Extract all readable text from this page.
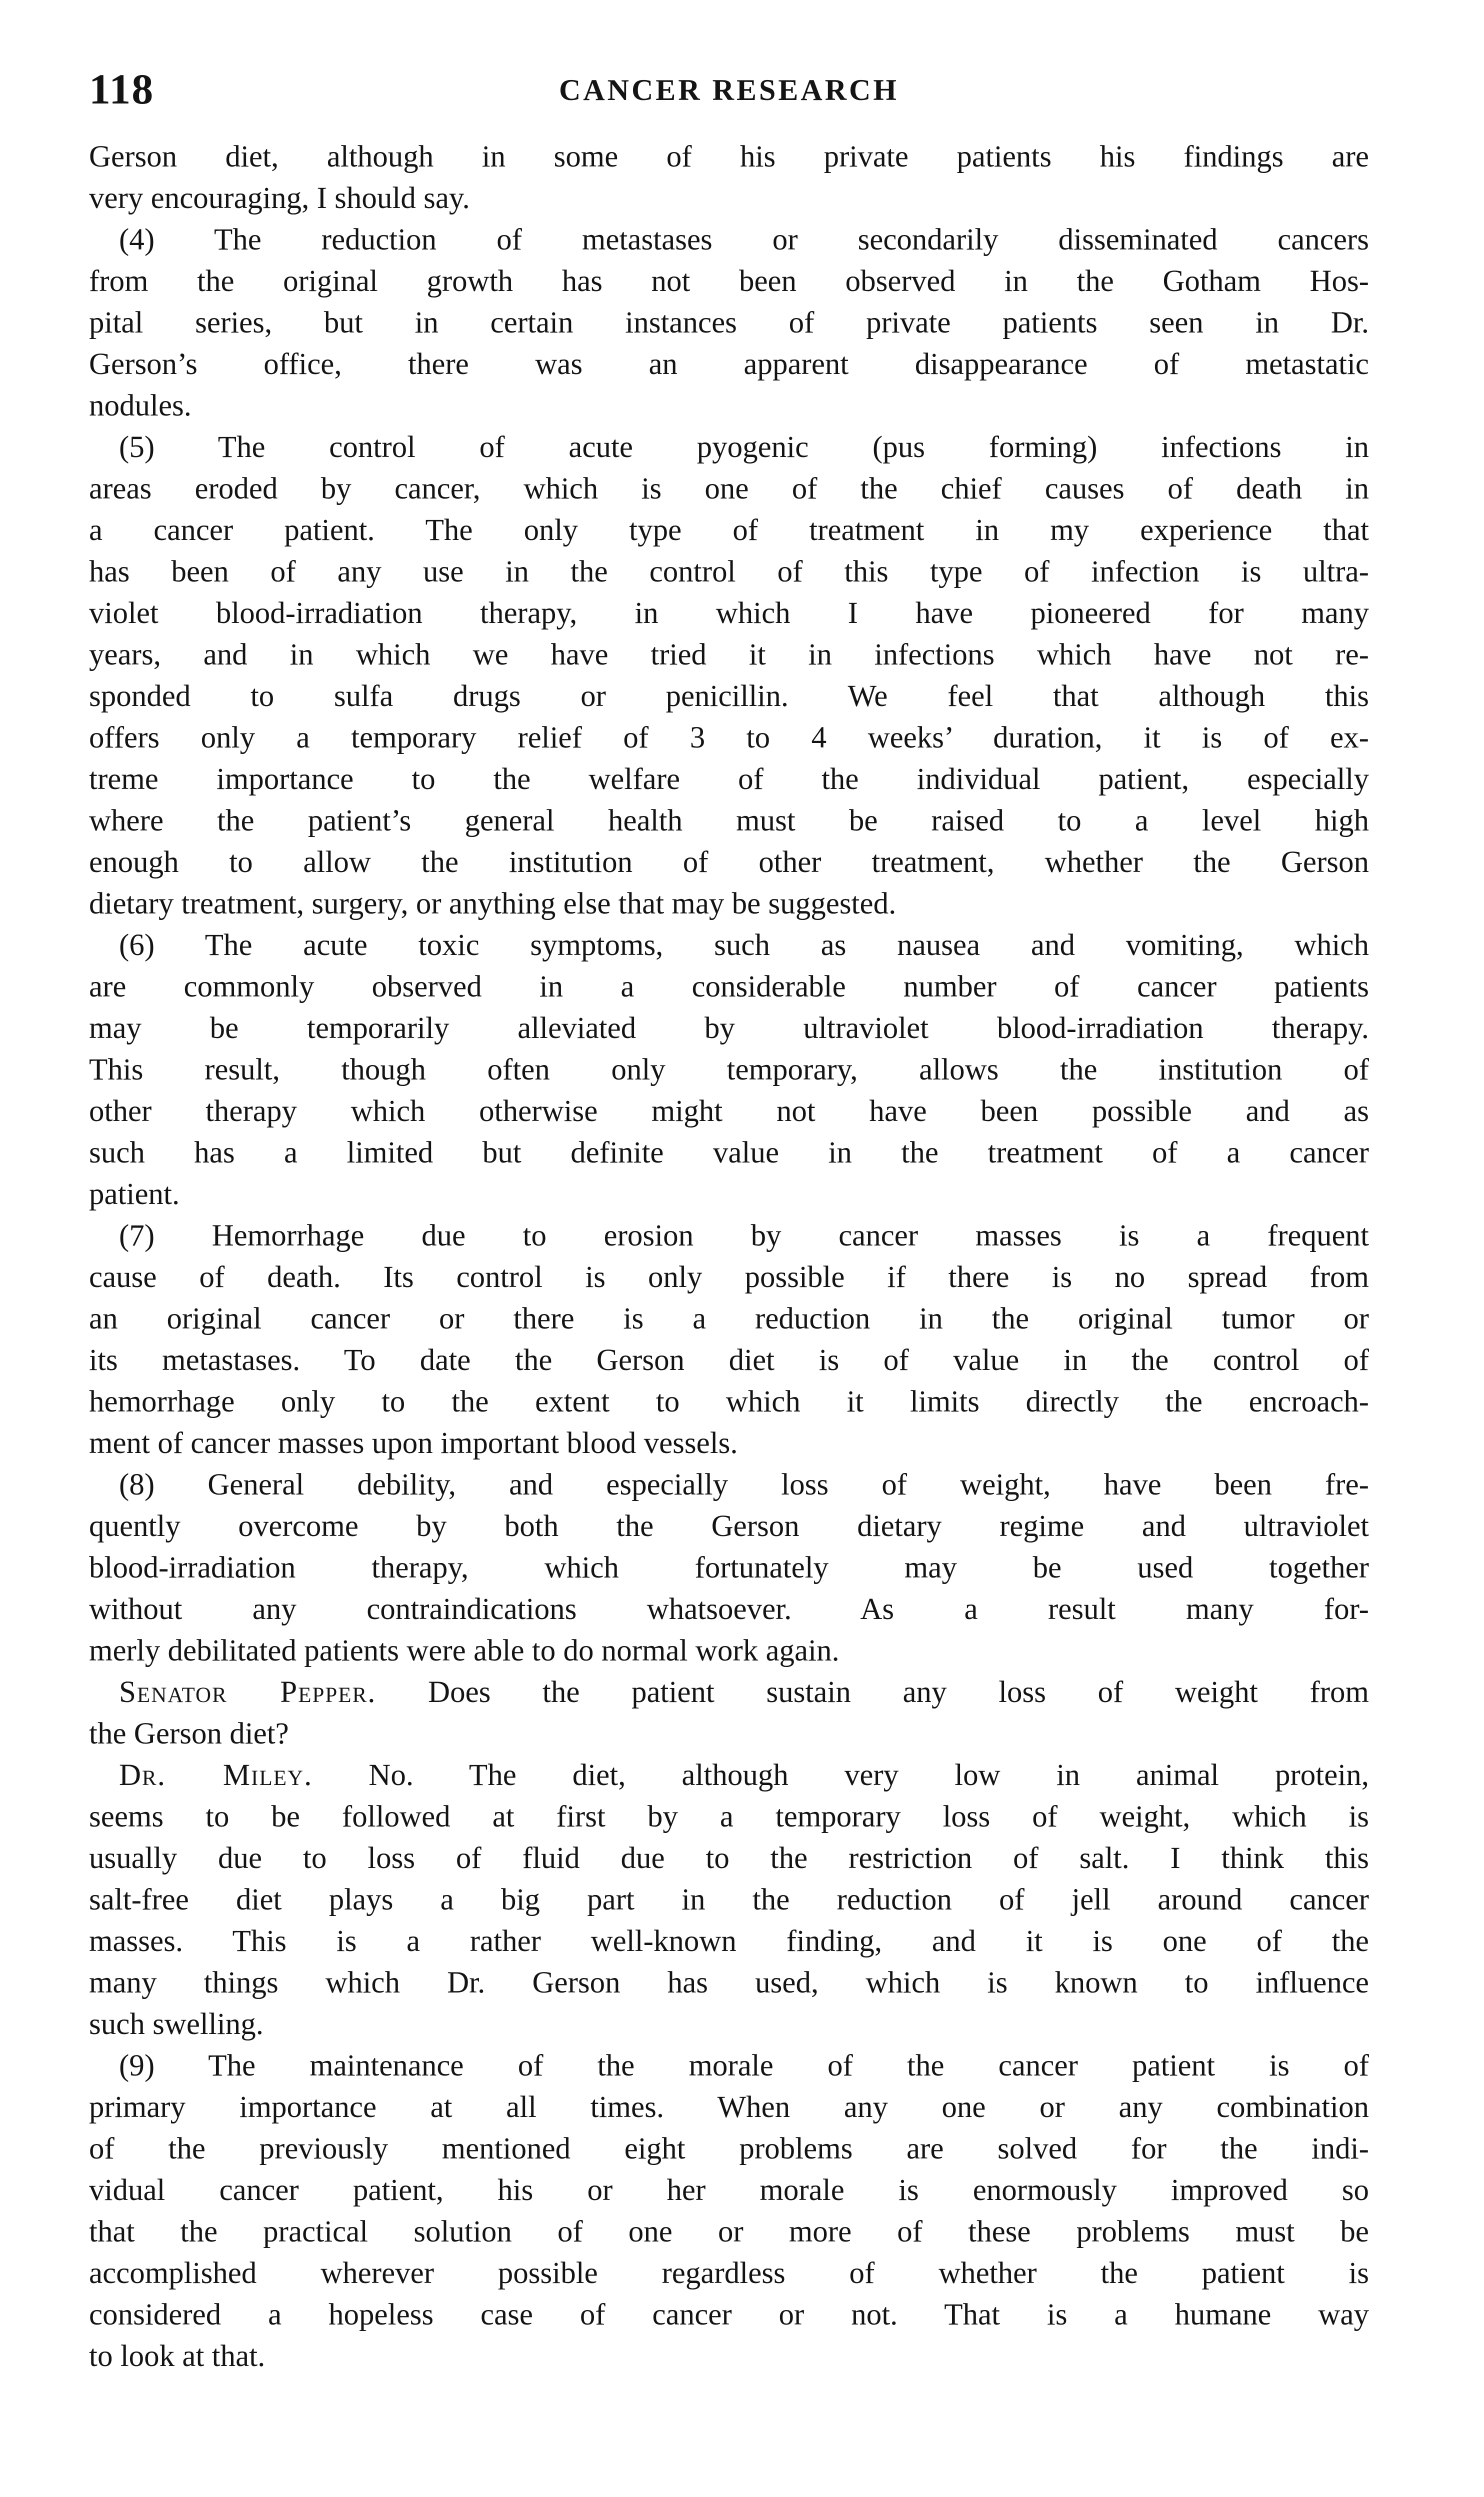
118	CANCER RESEARCH

Gerson diet, although in some of his private patients his findings are
very encouraging, I should say.

(4) The reduction of metastases or secondarily disseminated cancers
from the original growth has not been observed in the Gotham Hos-
pital series, but in certain instances of private patients seen in Dr.
Gerson’s office, there was an apparent disappearance of metastatic
nodules.

(5) The control of acute pyogenic (pus forming) infections in
areas eroded by cancer, which is one of the chief causes of death in
a cancer patient. The only type of treatment in my experience that
has been of any use in the control of this type of infection is ultra-
violet blood-irradiation therapy, in which I have pioneered for many
years, and in which we have tried it in infections which have not re-
sponded to sulfa drugs or penicillin. We feel that although this
offers only a temporary relief of 3 to 4 weeks’ duration, it is of ex-
treme importance to the welfare of the individual patient, especially
where the patient’s general health must be raised to a level high
enough to allow the institution of other treatment, whether the Gerson
dietary treatment, surgery, or anything else that may be suggested.

(6) The acute toxic symptoms, such as nausea and vomiting, which
are commonly observed in a considerable number of cancer patients
may be temporarily alleviated by ultraviolet blood-irradiation therapy.
This result, though often only temporary, allows the institution of
other therapy which otherwise might not have been possible and as
such has a limited but definite value in the treatment of a cancer
patient.

(7) Hemorrhage due to erosion by cancer masses is a frequent
cause of death. Its control is only possible if there is no spread from
an original cancer or there is a reduction in the original tumor or
its metastases. To date the Gerson diet is of value in the control of
hemorrhage only to the extent to which it limits directly the encroach-
ment of cancer masses upon important blood vessels.

(8) General debility, and especially loss of weight, have been fre-
quently overcome by both the Gerson dietary regime and ultraviolet
blood-irradiation therapy, which fortunately may be used together
without any contraindications whatsoever. As a result many for-
merly debilitated patients were able to do normal work again.

Senator Pepper. Does the patient sustain any loss of weight from
the Gerson diet?

Dr. Miley. No. The diet, although very low in animal protein,
seems to be followed at first by a temporary loss of weight, which is
usually due to loss of fluid due to the restriction of salt. I think this
salt-free diet plays a big part in the reduction of jell around cancer
masses. This is a rather well-known finding, and it is one of the
many things which Dr. Gerson has used, which is known to influence
such swelling.

(9) The maintenance of the morale of the cancer patient is of
primary importance at all times. When any one or any combination
of the previously mentioned eight problems are solved for the indi-
vidual cancer patient, his or her morale is enormously improved so
that the practical solution of one or more of these problems must be
accomplished wherever possible regardless of whether the patient is
considered a hopeless case of cancer or not. That is a humane way
to look at that.
